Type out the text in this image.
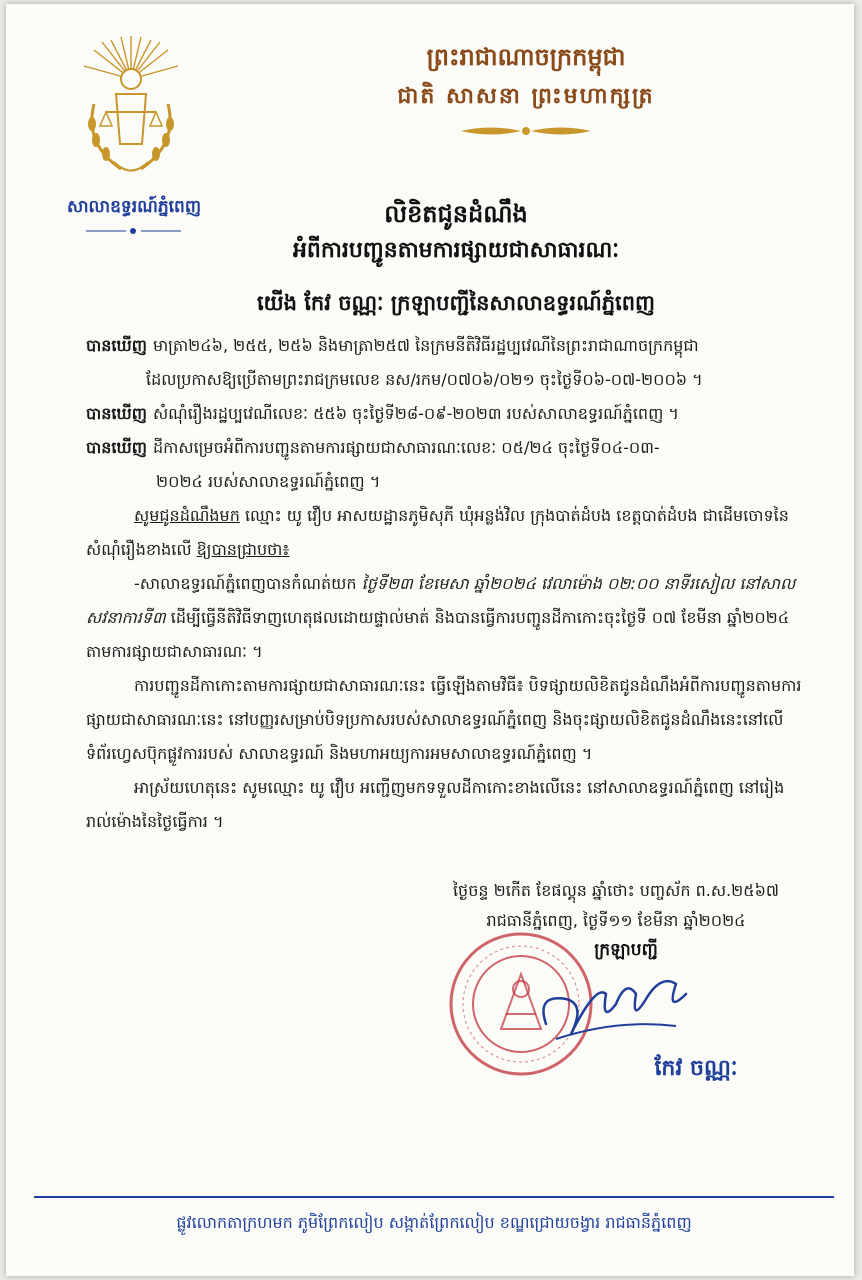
សាលាឧទ្ធរណ៍ភ្នំពេញ
ព្រះរាជាណាចក្រកម្ពុជា
ជាតិ សាសនា ព្រះមហាក្សត្រ
លិខិតជូនដំណឹង
អំពីការបញ្ជូនតាមការផ្សាយជាសាធារណៈ
យើង កែវ ចណ្ណៈ ក្រឡាបញ្ជីនៃសាលាឧទ្ធរណ៍ភ្នំពេញ

បានឃើញ មាត្រា២៤៦, ២៥៥, ២៥៦ និងមាត្រា២៥៧ នៃក្រមនីតិវិធីរដ្ឋប្បវេណីនៃព្រះរាជាណាចក្រកម្ពុជា

ដែលប្រកាសឱ្យប្រើតាមព្រះរាជក្រមលេខ នស/រកម/០៧០៦/០២១ ចុះថ្ងៃទី០៦-០៧-២០០៦ ។

បានឃើញ សំណុំរឿងរដ្ឋប្បវេណីលេខៈ ៥៥៦ ចុះថ្ងៃទី២៨-០៩-២០២៣ របស់សាលាឧទ្ធរណ៍ភ្នំពេញ ។

បានឃើញ ដីកាសម្រេចអំពីការបញ្ជូនតាមការផ្សាយជាសាធារណៈលេខៈ ០៥/២៤ ចុះថ្ងៃទី០៤-០៣-

២០២៤ របស់សាលាឧទ្ធរណ៍ភ្នំពេញ ។

សូមជូនដំណឹងមក ឈ្មោះ យូ វឿប អាសយដ្ឋានភូមិសុភី ឃុំអន្លង់វិល ក្រុងបាត់ដំបង ខេត្តបាត់ដំបង ជាដើមចោទនៃសំណុំរឿងខាងលើ ឱ្យបានជ្រាបថា៖

-សាលាឧទ្ធរណ៍ភ្នំពេញបានកំណត់យក ថ្ងៃទី២៣ ខែមេសា ឆ្នាំ២០២៤ វេលាម៉ោង ០២:០០ នាទីរសៀល នៅសាលសវនាការទី៣ ដើម្បីធ្វើនីតិវិធីទាញហេតុផលដោយផ្ទាល់មាត់ និងបានធ្វើការបញ្ជូនដីកាកោះចុះថ្ងៃទី ០៧ ខែមីនា ឆ្នាំ២០២៤ តាមការផ្សាយជាសាធារណៈ ។

ការបញ្ជូនដីកាកោះតាមការផ្សាយជាសាធារណៈនេះ ធ្វើឡើងតាមវិធី៖ បិទផ្សាយលិខិតជូនដំណឹងអំពីការបញ្ជូនតាមការផ្សាយជាសាធារណៈនេះ នៅបញ្ញរសម្រាប់បិទប្រកាសរបស់សាលាឧទ្ធរណ៍ភ្នំពេញ និងចុះផ្សាយលិខិតជូនដំណឹងនេះនៅលើទំព័រហ្វេសប៊ុកផ្លូវការរបស់ សាលាឧទ្ធរណ៍ និងមហាអយ្យការអមសាលាឧទ្ធរណ៍ភ្នំពេញ ។

អាស្រ័យហេតុនេះ សូមឈ្មោះ យូ វឿប អញ្ជើញមកទទួលដីកាកោះខាងលើនេះ នៅសាលាឧទ្ធរណ៍ភ្នំពេញ នៅរៀងរាល់ម៉ោងនៃថ្ងៃធ្វើការ ។

ថ្ងៃចន្ទ ២កើត ខែផល្គុន ឆ្នាំថោះ បញ្ចស័ក ព.ស.២៥៦៧
រាជធានីភ្នំពេញ, ថ្ងៃទី១១ ខែមីនា ឆ្នាំ២០២៤
ក្រឡាបញ្ជី
កែវ ចណ្ណៈ
ផ្លូវលោកតាក្រហមក ភូមិព្រែកលៀប សង្កាត់ព្រែកលៀប ខណ្ឌជ្រោយចង្វារ រាជធានីភ្នំពេញ
